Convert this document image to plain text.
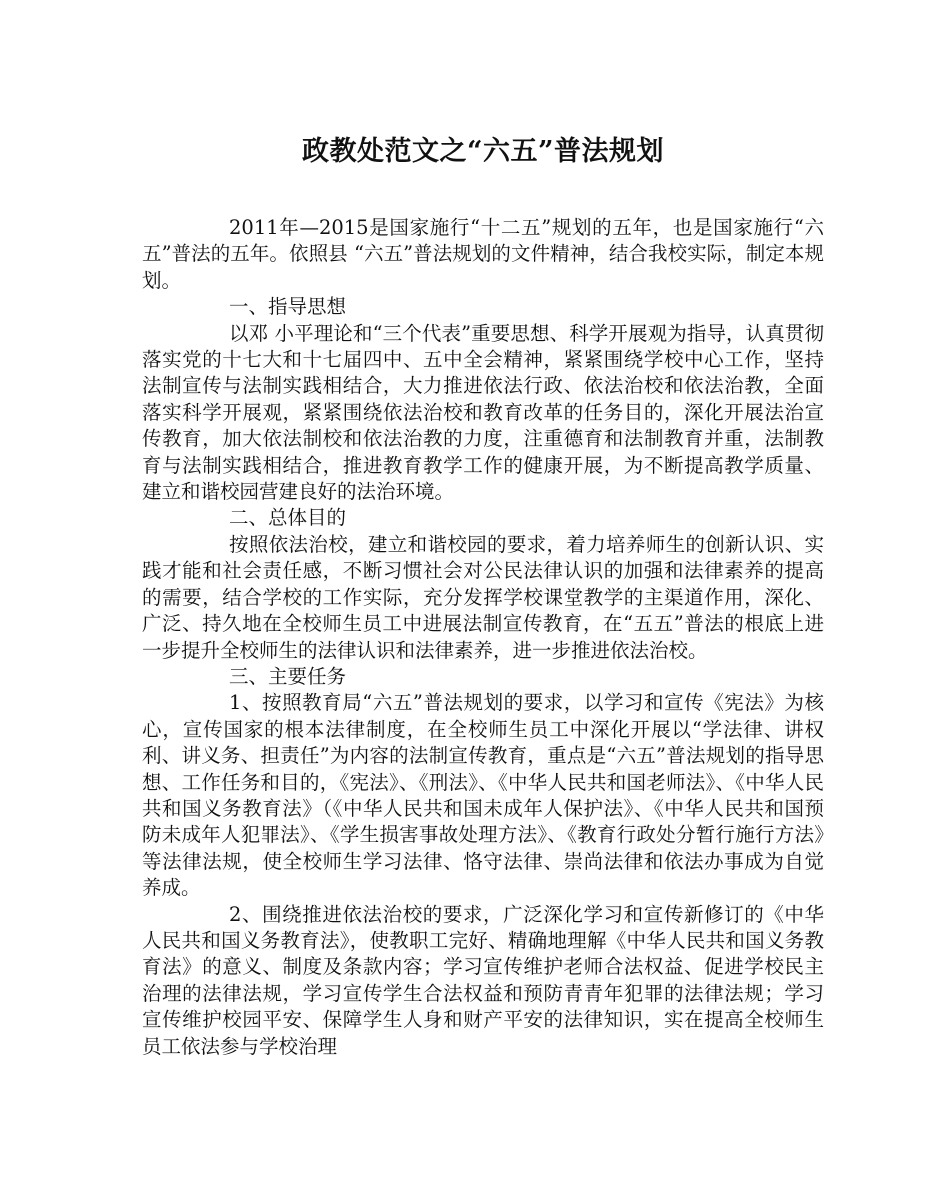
政教处范文之“六五”普法规划

2011年—2015是国家施行“十二五”规划的五年，也是国家施行“六五”普法的五年。依照县 “六五”普法规划的文件精神，结合我校实际，制定本规划。

一、指导思想

以邓 小平理论和“三个代表”重要思想、科学开展观为指导，认真贯彻落实党的十七大和十七届四中、五中全会精神，紧紧围绕学校中心工作，坚持法制宣传与法制实践相结合，大力推进依法行政、依法治校和依法治教，全面落实科学开展观，紧紧围绕依法治校和教育改革的任务目的，深化开展法治宣传教育，加大依法制校和依法治教的力度，注重德育和法制教育并重，法制教育与法制实践相结合，推进教育教学工作的健康开展，为不断提高教学质量、建立和谐校园营建良好的法治环境。

二、总体目的

按照依法治校，建立和谐校园的要求，着力培养师生的创新认识、实践才能和社会责任感，不断习惯社会对公民法律认识的加强和法律素养的提高的需要，结合学校的工作实际，充分发挥学校课堂教学的主渠道作用，深化、广泛、持久地在全校师生员工中进展法制宣传教育，在“五五”普法的根底上进一步提升全校师生的法律认识和法律素养，进一步推进依法治校。

三、主要任务

1、按照教育局“六五”普法规划的要求，以学习和宣传《宪法》为核心，宣传国家的根本法律制度，在全校师生员工中深化开展以“学法律、讲权利、讲义务、担责任”为内容的法制宣传教育，重点是“六五”普法规划的指导思想、工作任务和目的，《宪法》、《刑法》、《中华人民共和国老师法》、《中华人民共和国义务教育法》（《中华人民共和国未成年人保护法》、《中华人民共和国预防未成年人犯罪法》、《学生损害事故处理方法》、《教育行政处分暂行施行方法》等法律法规，使全校师生学习法律、恪守法律、崇尚法律和依法办事成为自觉养成。

2、围绕推进依法治校的要求，广泛深化学习和宣传新修订的《中华人民共和国义务教育法》，使教职工完好、精确地理解《中华人民共和国义务教育法》的意义、制度及条款内容；学习宣传维护老师合法权益、促进学校民主治理的法律法规，学习宣传学生合法权益和预防青青年犯罪的法律法规；学习宣传维护校园平安、保障学生人身和财产平安的法律知识，实在提高全校师生员工依法参与学校治理
